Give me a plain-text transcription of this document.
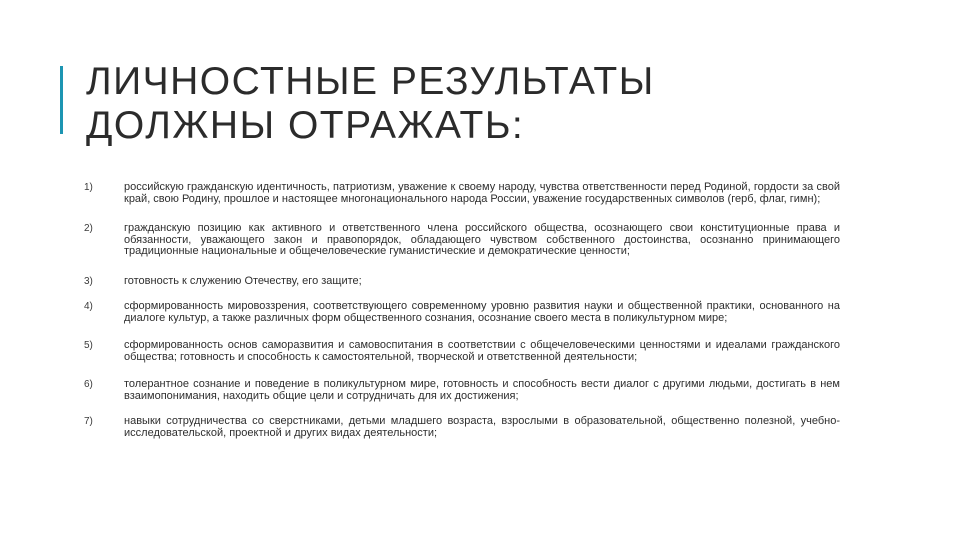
ЛИЧНОСТНЫЕ РЕЗУЛЬТАТЫ
ДОЛЖНЫ ОТРАЖАТЬ:
1)	российскую гражданскую идентичность, патриотизм, уважение к своему народу, чувства ответственности перед Родиной, гордости за свой край, свою Родину, прошлое и настоящее многонационального народа России, уважение государственных символов (герб, флаг, гимн);
2)	гражданскую позицию как активного и ответственного члена российского общества, осознающего свои конституционные права и обязанности, уважающего закон и правопорядок, обладающего чувством собственного достоинства, осознанно принимающего традиционные национальные и общечеловеческие гуманистические и демократические ценности;
3)	готовность к служению Отечеству, его защите;
4)	сформированность мировоззрения, соответствующего современному уровню развития науки и общественной практики, основанного на диалоге культур, а также различных форм общественного сознания, осознание своего места в поликультурном мире;
5)	сформированность основ саморазвития и самовоспитания в соответствии с общечеловеческими ценностями и идеалами гражданского общества; готовность и способность к самостоятельной, творческой и ответственной деятельности;
6)	толерантное сознание и поведение в поликультурном мире, готовность и способность вести диалог с другими людьми, достигать в нем взаимопонимания, находить общие цели и сотрудничать для их достижения;
7)	навыки сотрудничества со сверстниками, детьми младшего возраста, взрослыми в образовательной, общественно полезной, учебно-исследовательской, проектной и других видах деятельности;
